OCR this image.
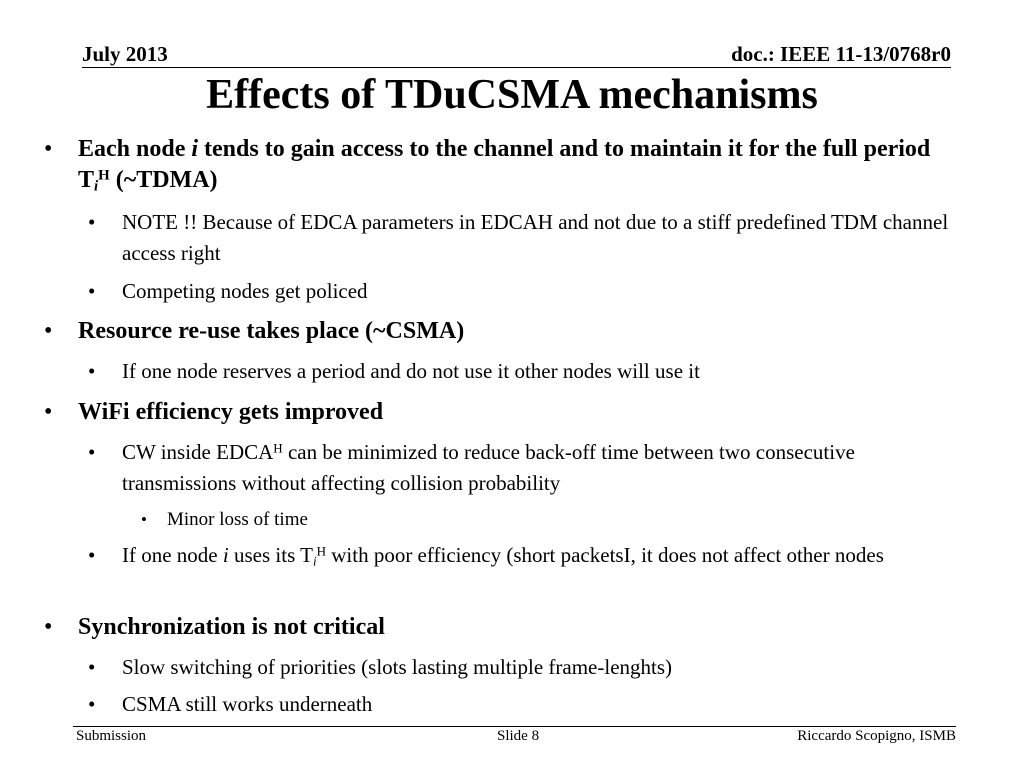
July 2013	doc.: IEEE 11-13/0768r0
Effects of TDuCSMA mechanisms
• Each node i tends to gain access to the channel and to maintain it for the full period $T_i^H$ (~TDMA)
• NOTE !! Because of EDCA parameters in EDCAH and not due to a stiff predefined TDM channel access right
• Competing nodes get policed
• Resource re-use takes place (~CSMA)
• If one node reserves a period and do not use it other nodes will use it
• WiFi efficiency gets improved
• CW inside $EDCA^H$ can be minimized to reduce back-off time between two consecutive transmissions without affecting collision probability
• Minor loss of time
• If one node i uses its $T_i^H$ with poor efficiency (short packetsI, it does not affect other nodes
• Synchronization is not critical
• Slow switching of priorities (slots lasting multiple frame-lenghts)
• CSMA still works underneath
Submission	Slide 8	Riccardo Scopigno, ISMB
